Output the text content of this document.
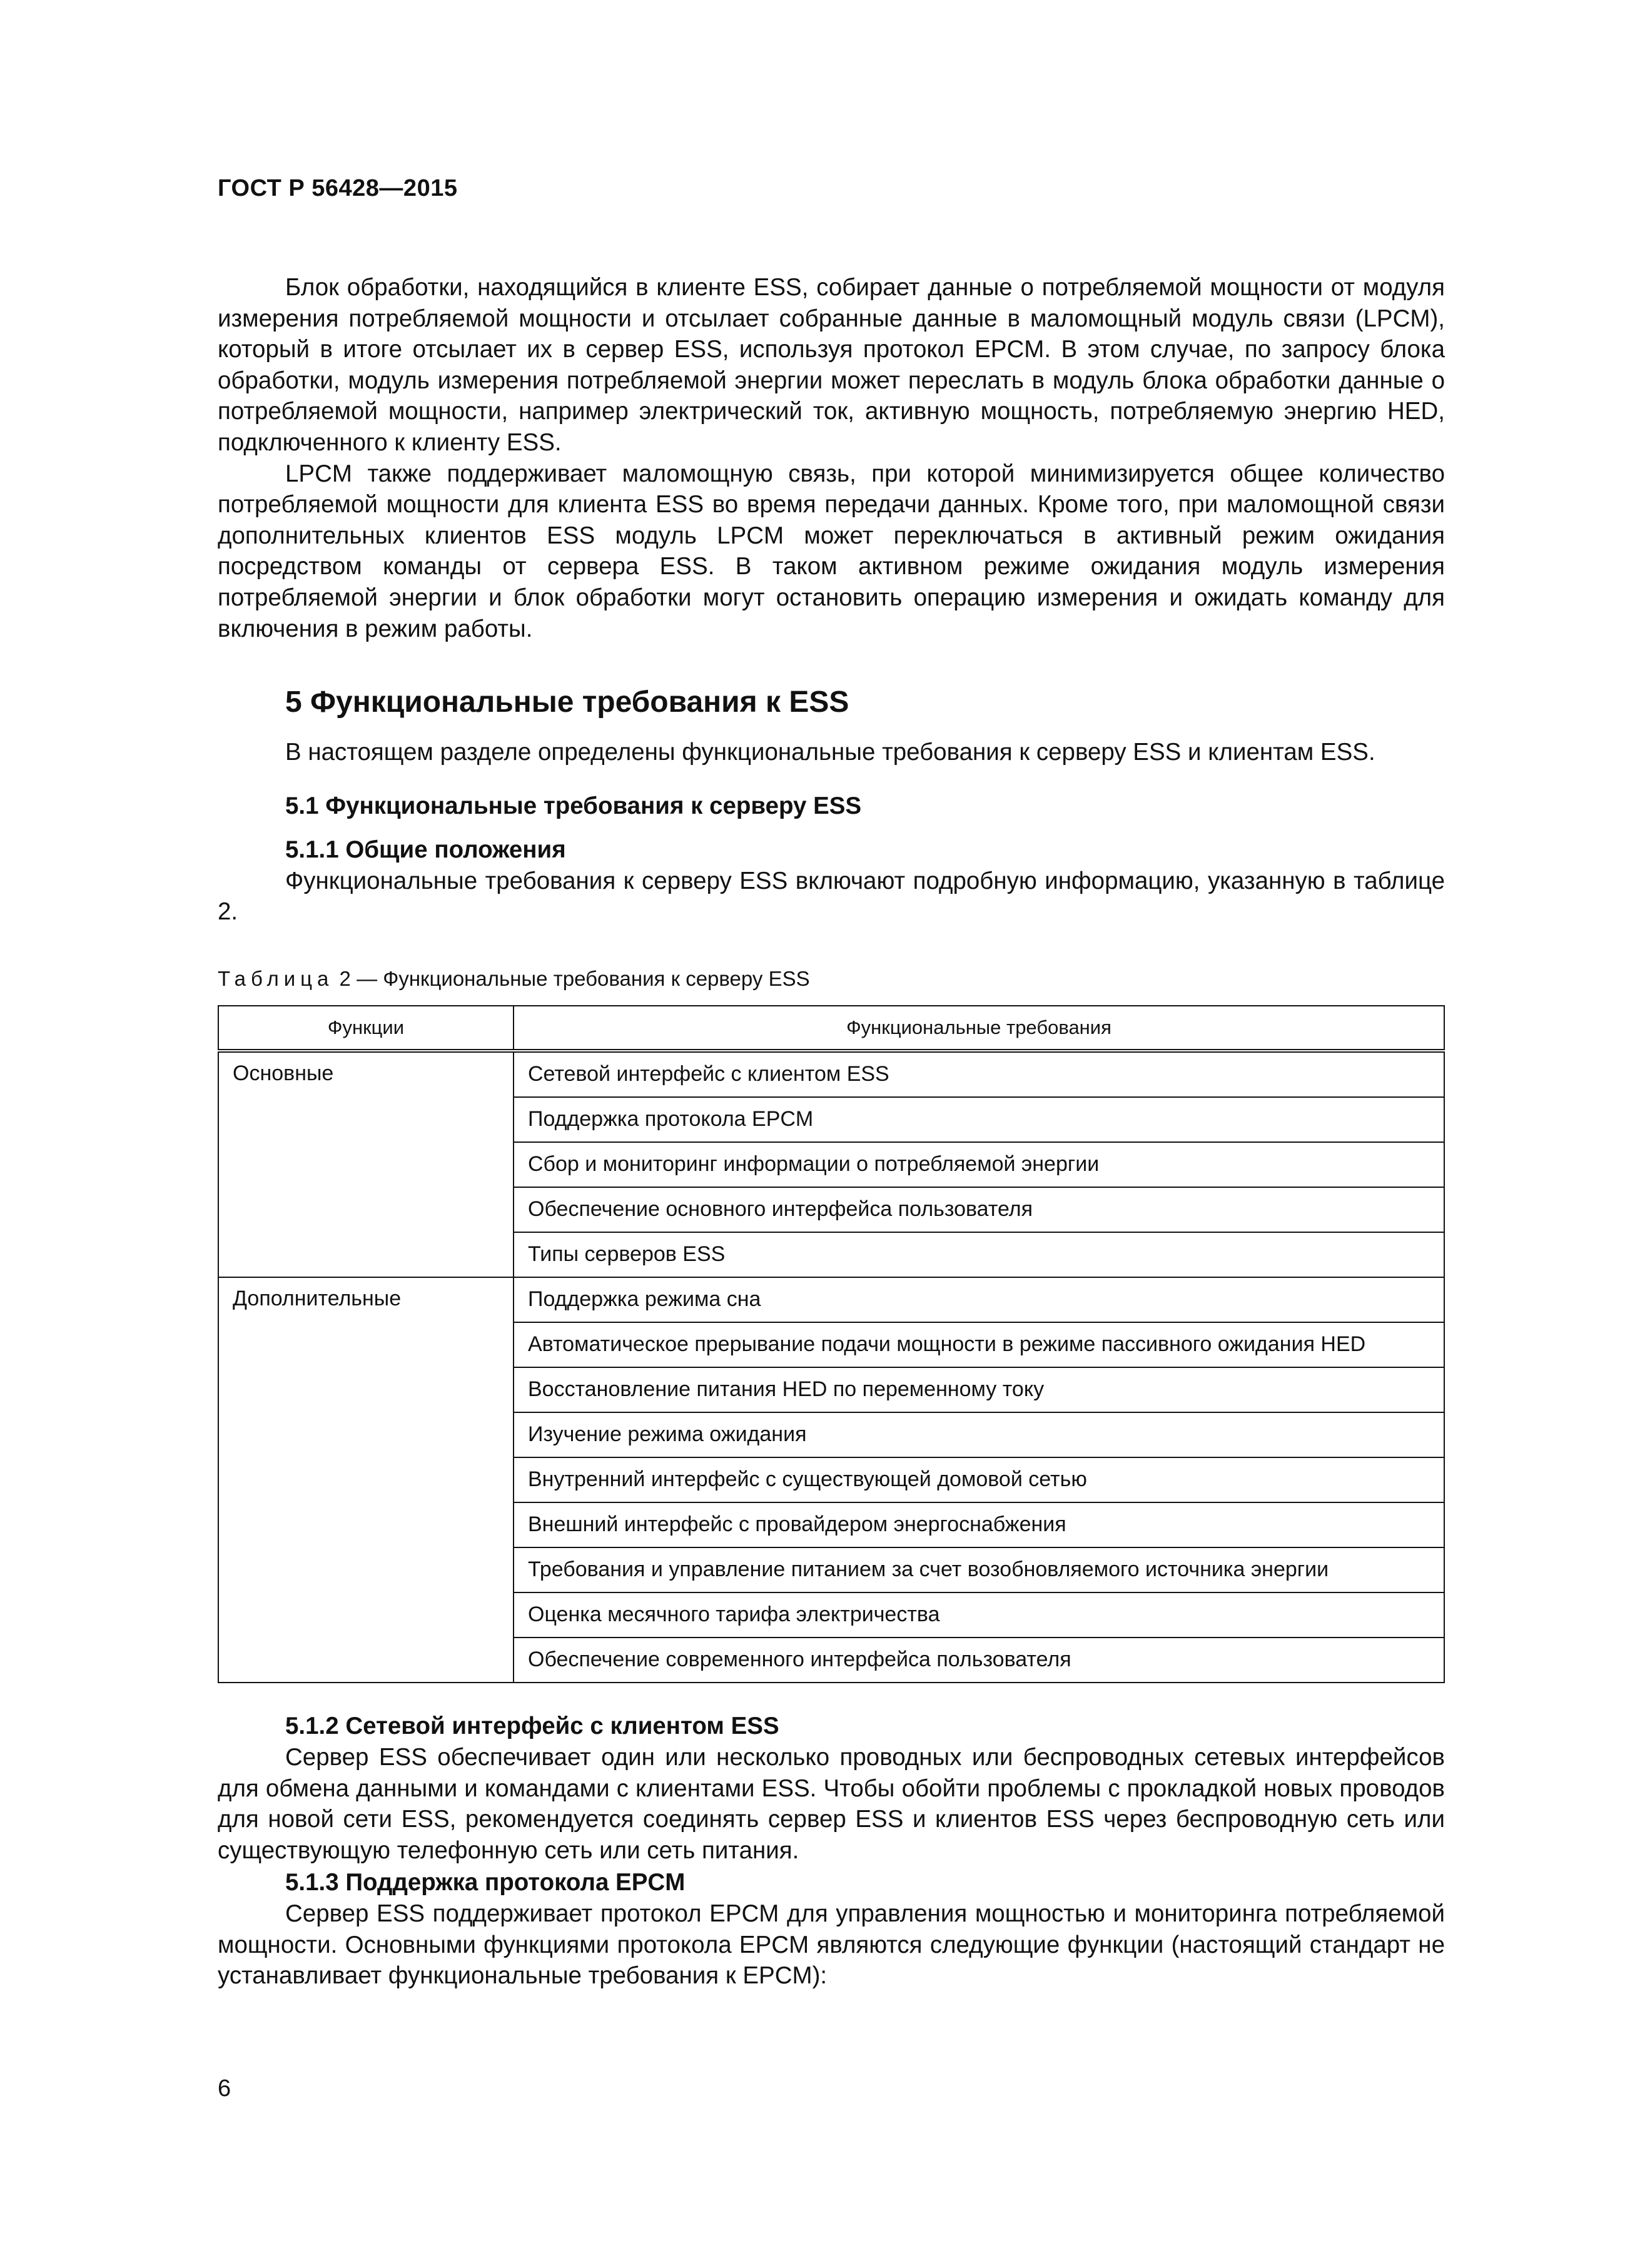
ГОСТ Р 56428—2015

Блок обработки, находящийся в клиенте ESS, собирает данные о потребляемой мощности от модуля измерения потребляемой мощности и отсылает собранные данные в маломощный модуль связи (LPCM), который в итоге отсылает их в сервер ESS, используя протокол EPCM. В этом случае, по запросу блока обработки, модуль измерения потребляемой энергии может переслать в модуль блока обработки данные о потребляемой мощности, например электрический ток, активную мощность, потребляемую энергию HED, подключенного к клиенту ESS.

LPCM также поддерживает маломощную связь, при которой минимизируется общее количество потребляемой мощности для клиента ESS во время передачи данных. Кроме того, при маломощной связи дополнительных клиентов ESS модуль LPCM может переключаться в активный режим ожидания посредством команды от сервера ESS. В таком активном режиме ожидания модуль измерения потребляемой энергии и блок обработки могут остановить операцию измерения и ожидать команду для включения в режим работы.

5 Функциональные требования к ESS

В настоящем разделе определены функциональные требования к серверу ESS и клиентам ESS.

5.1 Функциональные требования к серверу ESS
5.1.1 Общие положения

Функциональные требования к серверу ESS включают подробную информацию, указанную в таблице 2.

Таблица 2 — Функциональные требования к серверу ESS
Функции	Функциональные требования
Основные	Сетевой интерфейс с клиентом ESS
	Поддержка протокола EPCM
	Сбор и мониторинг информации о потребляемой энергии
	Обеспечение основного интерфейса пользователя
	Типы серверов ESS
Дополнительные	Поддержка режима сна
	Автоматическое прерывание подачи мощности в режиме пассивного ожидания HED
	Восстановление питания HED по переменному току
	Изучение режима ожидания
	Внутренний интерфейс с существующей домовой сетью
	Внешний интерфейс с провайдером энергоснабжения
	Требования и управление питанием за счет возобновляемого источника энергии
	Оценка месячного тарифа электричества
	Обеспечение современного интерфейса пользователя
5.1.2 Сетевой интерфейс с клиентом ESS

Сервер ESS обеспечивает один или несколько проводных или беспроводных сетевых интерфейсов для обмена данными и командами с клиентами ESS. Чтобы обойти проблемы с прокладкой новых проводов для новой сети ESS, рекомендуется соединять сервер ESS и клиентов ESS через беспроводную сеть или существующую телефонную сеть или сеть питания.

5.1.3 Поддержка протокола EPCM

Сервер ESS поддерживает протокол EPCM для управления мощностью и мониторинга потребляемой мощности. Основными функциями протокола EPCM являются следующие функции (настоящий стандарт не устанавливает функциональные требования к EPCM):

6
